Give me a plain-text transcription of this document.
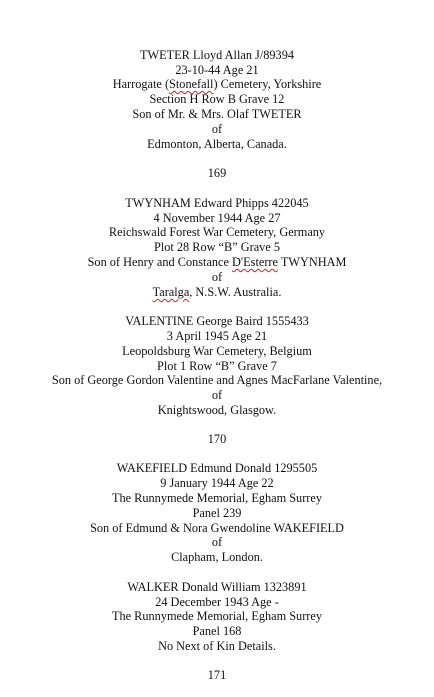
TWETER Lloyd Allan J/89394
23-10-44 Age 21
Harrogate (Stonefall) Cemetery, Yorkshire
Section H Row B Grave 12
Son of Mr. & Mrs. Olaf TWETER
of
Edmonton, Alberta, Canada.
169
TWYNHAM Edward Phipps 422045
4 November 1944 Age 27
Reichswald Forest War Cemetery, Germany
Plot 28 Row “B” Grave 5
Son of Henry and Constance D'Esterre TWYNHAM
of
Taralga, N.S.W. Australia.
VALENTINE George Baird 1555433
3 April 1945 Age 21
Leopoldsburg War Cemetery, Belgium
Plot 1 Row “B” Grave 7
Son of George Gordon Valentine and Agnes MacFarlane Valentine,
of
Knightswood, Glasgow.
170
WAKEFIELD Edmund Donald 1295505
9 January 1944 Age 22
The Runnymede Memorial, Egham Surrey
Panel 239
Son of Edmund & Nora Gwendoline WAKEFIELD
of
Clapham, London.
WALKER Donald William 1323891
24 December 1943 Age -
The Runnymede Memorial, Egham Surrey
Panel 168
No Next of Kin Details.
171
